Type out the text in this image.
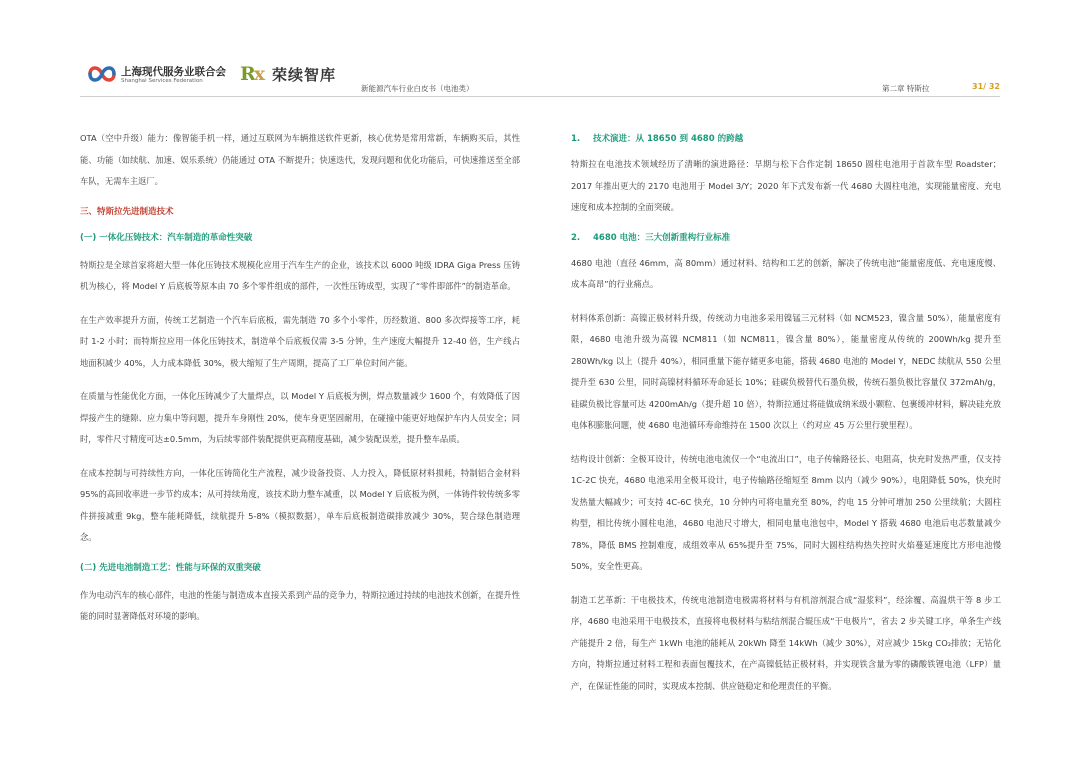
上海现代服务业联合会
Shanghai Services Federation Rx 荣续智库
新能源汽车行业白皮书（电池类）	第二章 特斯拉	31/ 32

OTA（空中升级）能力：像智能手机一样，通过互联网为车辆推送软件更新，核心优势是常用常新，车辆购买后，其性能、功能（如续航、加速、娱乐系统）仍能通过 OTA 不断提升；快速迭代，发现问题和优化功能后，可快速推送至全部车队，无需车主返厂。

三、特斯拉先进制造技术
(一) 一体化压铸技术：汽车制造的革命性突破

特斯拉是全球首家将超大型一体化压铸技术规模化应用于汽车生产的企业，该技术以 6000 吨级 IDRA Giga Press 压铸机为核心，将 Model Y 后底板等原本由 70 多个零件组成的部件，一次性压铸成型，实现了“零件即部件”的制造革命。

在生产效率提升方面，传统工艺制造一个汽车后底板，需先制造 70 多个小零件，历经数道、800 多次焊接等工序，耗时 1-2 小时；而特斯拉应用一体化压铸技术，制造单个后底板仅需 3-5 分钟，生产速度大幅提升 12-40 倍，生产线占地面积减少 40%，人力成本降低 30%，极大缩短了生产周期，提高了工厂单位时间产能。

在质量与性能优化方面，一体化压铸减少了大量焊点，以 Model Y 后底板为例，焊点数量减少 1600 个，有效降低了因焊接产生的缝隙、应力集中等问题，提升车身刚性 20%，使车身更坚固耐用，在碰撞中能更好地保护车内人员安全；同时，零件尺寸精度可达±0.5mm，为后续零部件装配提供更高精度基础，减少装配误差，提升整车品质。

在成本控制与可持续性方向，一体化压铸简化生产流程，减少设备投资、人力投入，降低原材料损耗，特制铝合金材料 95%的高回收率进一步节约成本；从可持续角度，该技术助力整车减重，以 Model Y 后底板为例，一体铸件较传统多零件拼接减重 9kg，整车能耗降低，续航提升 5-8%（模拟数据），单车后底板制造碳排放减少 30%，契合绿色制造理念。

(二) 先进电池制造工艺：性能与环保的双重突破

作为电动汽车的核心部件，电池的性能与制造成本直接关系到产品的竞争力，特斯拉通过持续的电池技术创新，在提升性能的同时显著降低对环境的影响。

1. 技术演进：从 18650 到 4680 的跨越

特斯拉在电池技术领域经历了清晰的演进路径：早期与松下合作定制 18650 圆柱电池用于首款车型 Roadster；2017 年推出更大的 2170 电池用于 Model 3/Y；2020 年下式发布新一代 4680 大圆柱电池，实现能量密度、充电速度和成本控制的全面突破。

2. 4680 电池：三大创新重构行业标准

4680 电池（直径 46mm，高 80mm）通过材料、结构和工艺的创新，解决了传统电池“能量密度低、充电速度慢、成本高昂”的行业痛点。

材料体系创新：高镍正极材料升级，传统动力电池多采用镍锰三元材料（如 NCM523，镍含量 50%），能量密度有限，4680 电池升级为高镍 NCM811（如 NCM811，镍含量 80%），能量密度从传统的 200Wh/kg 提升至 280Wh/kg 以上（提升 40%），相同重量下能存储更多电能，搭载 4680 电池的 Model Y，NEDC 续航从 550 公里提升至 630 公里，同时高镍材料循环寿命延长 10%；硅碳负极替代石墨负极，传统石墨负极比容量仅 372mAh/g，硅碳负极比容量可达 4200mAh/g（提升超 10 倍），特斯拉通过将硅做成纳米级小颗粒、包裹缓冲材料，解决硅充放电体积膨胀问题，使 4680 电池循环寿命维持在 1500 次以上（约对应 45 万公里行驶里程）。

结构设计创新：全极耳设计，传统电池电流仅一个“电流出口”，电子传输路径长、电阻高，快充时发热严重，仅支持 1C-2C 快充，4680 电池采用全极耳设计，电子传输路径缩短至 8mm 以内（减少 90%），电阻降低 50%，快充时发热量大幅减少；可支持 4C-6C 快充，10 分钟内可将电量充至 80%，约电 15 分钟可增加 250 公里续航；大圆柱构型，相比传统小圆柱电池，4680 电池尺寸增大，相同电量电池包中，Model Y 搭载 4680 电池后电芯数量减少 78%，降低 BMS 控制难度，成组效率从 65%提升至 75%，同时大圆柱结构热失控时火焰蔓延速度比方形电池慢 50%，安全性更高。

制造工艺革新：干电极技术，传统电池制造电极需将材料与有机溶剂混合成“湿浆料”，经涂覆、高温烘干等 8 步工序，4680 电池采用干电极技术，直接将电极材料与粘结剂混合辊压成“干电极片”，省去 2 步关键工序，单条生产线产能提升 2 倍，每生产 1kWh 电池的能耗从 20kWh 降至 14kWh（减少 30%），对应减少 15kg CO₂排放；无钴化方向，特斯拉通过材料工程和表面包覆技术，在产高镍低钴正极材料，并实现铁含量为零的磷酸铁锂电池（LFP）量产，在保证性能的同时，实现成本控制、供应链稳定和伦理责任的平衡。
